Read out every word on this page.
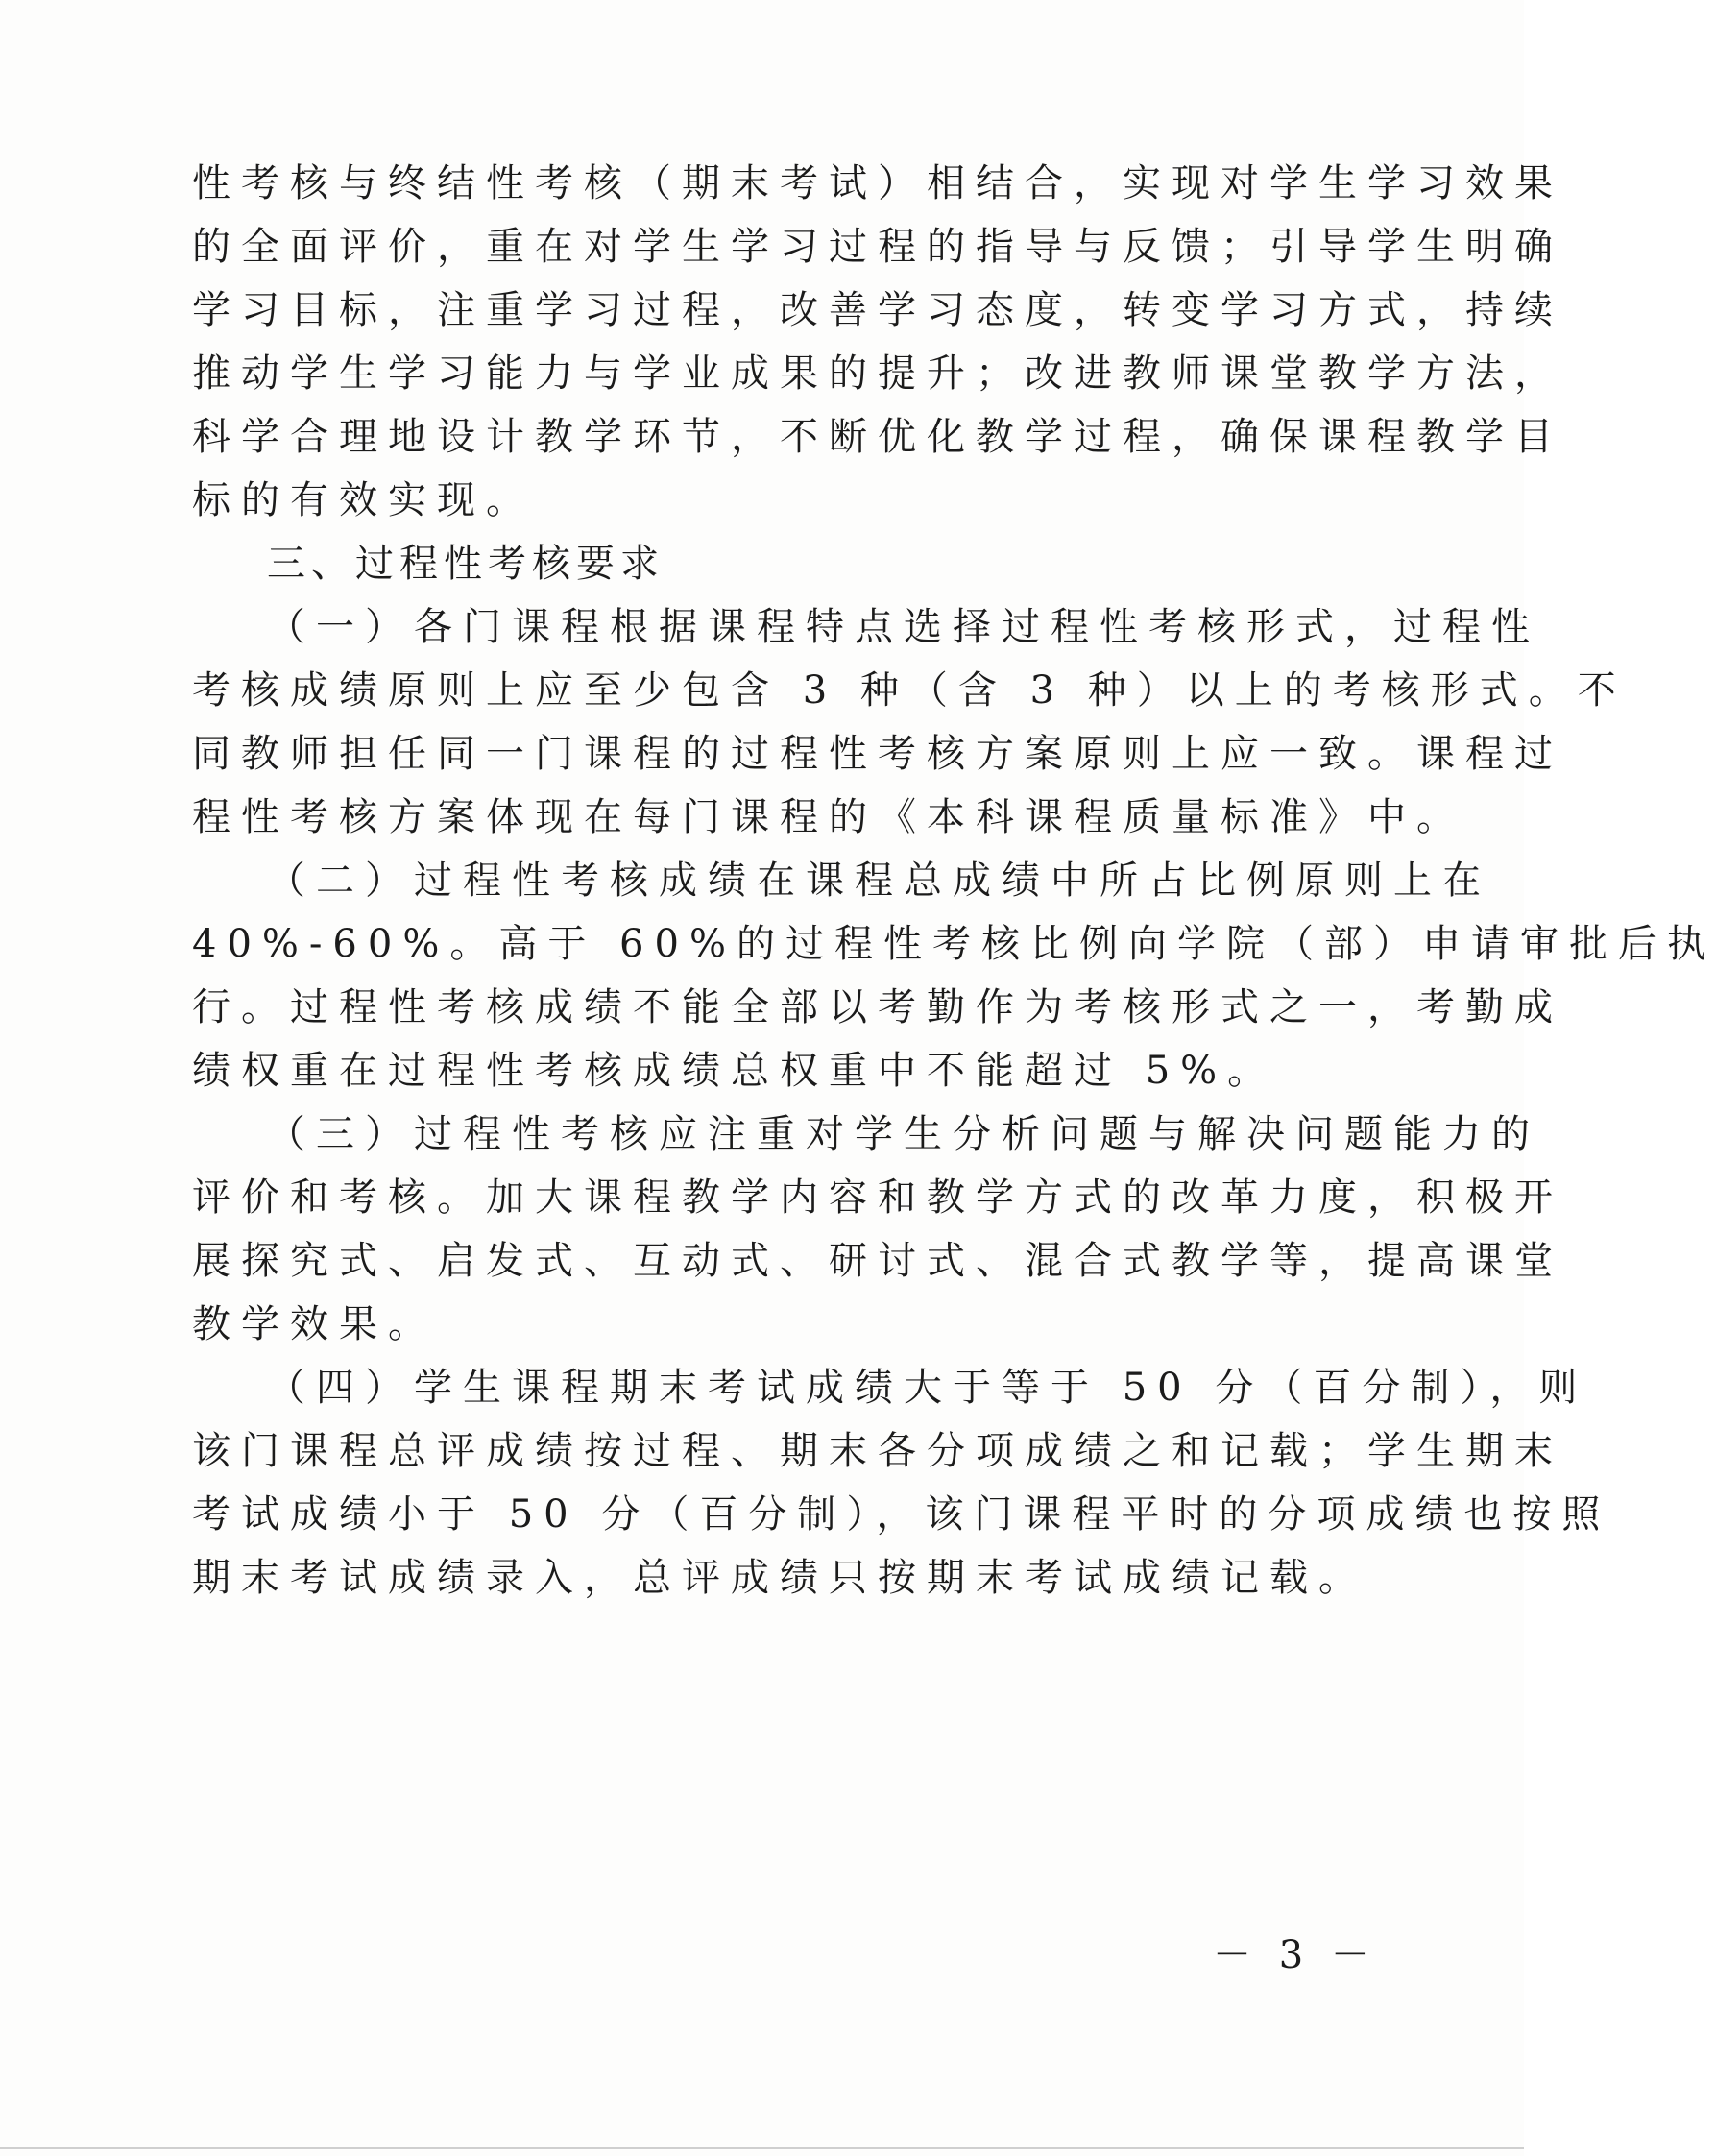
性考核与终结性考核（期末考试）相结合，实现对学生学习效果
的全面评价，重在对学生学习过程的指导与反馈；引导学生明确
学习目标，注重学习过程，改善学习态度，转变学习方式，持续
推动学生学习能力与学业成果的提升；改进教师课堂教学方法，
科学合理地设计教学环节，不断优化教学过程，确保课程教学目
标的有效实现。
三、过程性考核要求
（一）各门课程根据课程特点选择过程性考核形式，过程性
考核成绩原则上应至少包含 3 种（含 3 种）以上的考核形式。不
同教师担任同一门课程的过程性考核方案原则上应一致。课程过
程性考核方案体现在每门课程的《本科课程质量标准》中。
（二）过程性考核成绩在课程总成绩中所占比例原则上在
40%-60%。高于 60%的过程性考核比例向学院（部）申请审批后执
行。过程性考核成绩不能全部以考勤作为考核形式之一，考勤成
绩权重在过程性考核成绩总权重中不能超过 5%。
（三）过程性考核应注重对学生分析问题与解决问题能力的
评价和考核。加大课程教学内容和教学方式的改革力度，积极开
展探究式、启发式、互动式、研讨式、混合式教学等，提高课堂
教学效果。
（四）学生课程期末考试成绩大于等于 50 分（百分制），则
该门课程总评成绩按过程、期末各分项成绩之和记载；学生期末
考试成绩小于 50 分（百分制），该门课程平时的分项成绩也按照
期末考试成绩录入，总评成绩只按期末考试成绩记载。
－ 3 －
